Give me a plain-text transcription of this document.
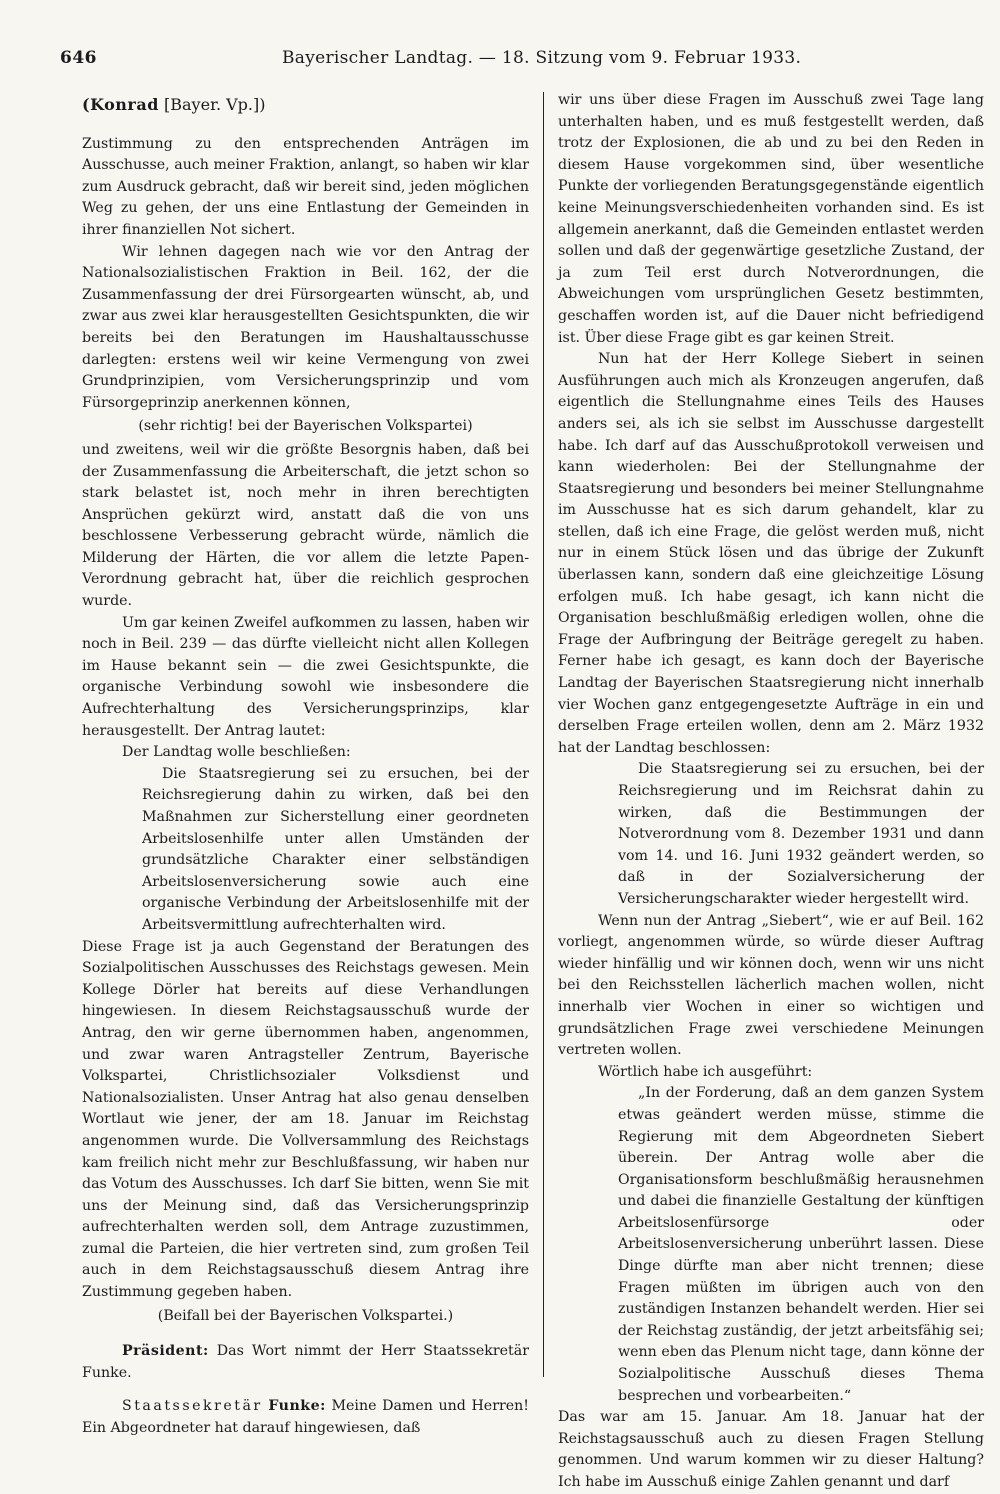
646	Bayerischer Landtag. — 18. Sitzung vom 9. Februar 1933.
(Konrad [Bayer. Vp.])

Zustimmung zu den entsprechenden Anträgen im Ausschusse, auch meiner Fraktion, anlangt, so haben wir klar zum Ausdruck gebracht, daß wir bereit sind, jeden möglichen Weg zu gehen, der uns eine Entlastung der Gemeinden in ihrer finanziellen Not sichert.

Wir lehnen dagegen nach wie vor den Antrag der Nationalsozialistischen Fraktion in Beil. 162, der die Zusammenfassung der drei Fürsorgearten wünscht, ab, und zwar aus zwei klar herausgestellten Gesichtspunkten, die wir bereits bei den Beratungen im Haushaltausschusse darlegten: erstens weil wir keine Vermengung von zwei Grundprinzipien, vom Versicherungsprinzip und vom Fürsorgeprinzip anerkennen können,

(sehr richtig! bei der Bayerischen Volkspartei)

und zweitens, weil wir die größte Besorgnis haben, daß bei der Zusammenfassung die Arbeiterschaft, die jetzt schon so stark belastet ist, noch mehr in ihren berechtigten Ansprüchen gekürzt wird, anstatt daß die von uns beschlossene Verbesserung gebracht würde, nämlich die Milderung der Härten, die vor allem die letzte Papen-Verordnung gebracht hat, über die reichlich gesprochen wurde.

Um gar keinen Zweifel aufkommen zu lassen, haben wir noch in Beil. 239 — das dürfte vielleicht nicht allen Kollegen im Hause bekannt sein — die zwei Gesichtspunkte, die organische Verbindung sowohl wie insbesondere die Aufrechterhaltung des Versicherungsprinzips, klar herausgestellt. Der Antrag lautet:

Der Landtag wolle beschließen:

Die Staatsregierung sei zu ersuchen, bei der Reichsregierung dahin zu wirken, daß bei den Maßnahmen zur Sicherstellung einer geordneten Arbeitslosenhilfe unter allen Umständen der grundsätzliche Charakter einer selbständigen Arbeitslosenversicherung sowie auch eine organische Verbindung der Arbeitslosenhilfe mit der Arbeitsvermittlung aufrechterhalten wird.

Diese Frage ist ja auch Gegenstand der Beratungen des Sozialpolitischen Ausschusses des Reichstags gewesen. Mein Kollege Dörler hat bereits auf diese Verhandlungen hingewiesen. In diesem Reichstagsausschuß wurde der Antrag, den wir gerne übernommen haben, angenommen, und zwar waren Antragsteller Zentrum, Bayerische Volkspartei, Christlichsozialer Volksdienst und Nationalsozialisten. Unser Antrag hat also genau denselben Wortlaut wie jener, der am 18. Januar im Reichstag angenommen wurde. Die Vollversammlung des Reichstags kam freilich nicht mehr zur Beschlußfassung, wir haben nur das Votum des Ausschusses. Ich darf Sie bitten, wenn Sie mit uns der Meinung sind, daß das Versicherungsprinzip aufrechterhalten werden soll, dem Antrage zuzustimmen, zumal die Parteien, die hier vertreten sind, zum großen Teil auch in dem Reichstagsausschuß diesem Antrag ihre Zustimmung gegeben haben.

(Beifall bei der Bayerischen Volkspartei.)

Präsident: Das Wort nimmt der Herr Staatssekretär Funke.

Staatssekretär Funke: Meine Damen und Herren! Ein Abgeordneter hat darauf hingewiesen, daß

wir uns über diese Fragen im Ausschuß zwei Tage lang unterhalten haben, und es muß festgestellt werden, daß trotz der Explosionen, die ab und zu bei den Reden in diesem Hause vorgekommen sind, über wesentliche Punkte der vorliegenden Beratungsgegenstände eigentlich keine Meinungsverschiedenheiten vorhanden sind. Es ist allgemein anerkannt, daß die Gemeinden entlastet werden sollen und daß der gegenwärtige gesetzliche Zustand, der ja zum Teil erst durch Notverordnungen, die Abweichungen vom ursprünglichen Gesetz bestimmten, geschaffen worden ist, auf die Dauer nicht befriedigend ist. Über diese Frage gibt es gar keinen Streit.

Nun hat der Herr Kollege Siebert in seinen Ausführungen auch mich als Kronzeugen angerufen, daß eigentlich die Stellungnahme eines Teils des Hauses anders sei, als ich sie selbst im Ausschusse dargestellt habe. Ich darf auf das Ausschußprotokoll verweisen und kann wiederholen: Bei der Stellungnahme der Staatsregierung und besonders bei meiner Stellungnahme im Ausschusse hat es sich darum gehandelt, klar zu stellen, daß ich eine Frage, die gelöst werden muß, nicht nur in einem Stück lösen und das übrige der Zukunft überlassen kann, sondern daß eine gleichzeitige Lösung erfolgen muß. Ich habe gesagt, ich kann nicht die Organisation beschlußmäßig erledigen wollen, ohne die Frage der Aufbringung der Beiträge geregelt zu haben. Ferner habe ich gesagt, es kann doch der Bayerische Landtag der Bayerischen Staatsregierung nicht innerhalb vier Wochen ganz entgegengesetzte Aufträge in ein und derselben Frage erteilen wollen, denn am 2. März 1932 hat der Landtag beschlossen:

Die Staatsregierung sei zu ersuchen, bei der Reichsregierung und im Reichsrat dahin zu wirken, daß die Bestimmungen der Notverordnung vom 8. Dezember 1931 und dann vom 14. und 16. Juni 1932 geändert werden, so daß in der Sozialversicherung der Versicherungscharakter wieder hergestellt wird.

Wenn nun der Antrag „Siebert“, wie er auf Beil. 162 vorliegt, angenommen würde, so würde dieser Auftrag wieder hinfällig und wir können doch, wenn wir uns nicht bei den Reichsstellen lächerlich machen wollen, nicht innerhalb vier Wochen in einer so wichtigen und grundsätzlichen Frage zwei verschiedene Meinungen vertreten wollen.

Wörtlich habe ich ausgeführt:

„In der Forderung, daß an dem ganzen System etwas geändert werden müsse, stimme die Regierung mit dem Abgeordneten Siebert überein. Der Antrag wolle aber die Organisationsform beschlußmäßig herausnehmen und dabei die finanzielle Gestaltung der künftigen Arbeitslosenfürsorge oder Arbeitslosenversicherung unberührt lassen. Diese Dinge dürfte man aber nicht trennen; diese Fragen müßten im übrigen auch von den zuständigen Instanzen behandelt werden. Hier sei der Reichstag zuständig, der jetzt arbeitsfähig sei; wenn eben das Plenum nicht tage, dann könne der Sozialpolitische Ausschuß dieses Thema besprechen und vorbearbeiten.“

Das war am 15. Januar. Am 18. Januar hat der Reichstagsausschuß auch zu diesen Fragen Stellung genommen. Und warum kommen wir zu dieser Haltung? Ich habe im Ausschuß einige Zahlen genannt und darf
